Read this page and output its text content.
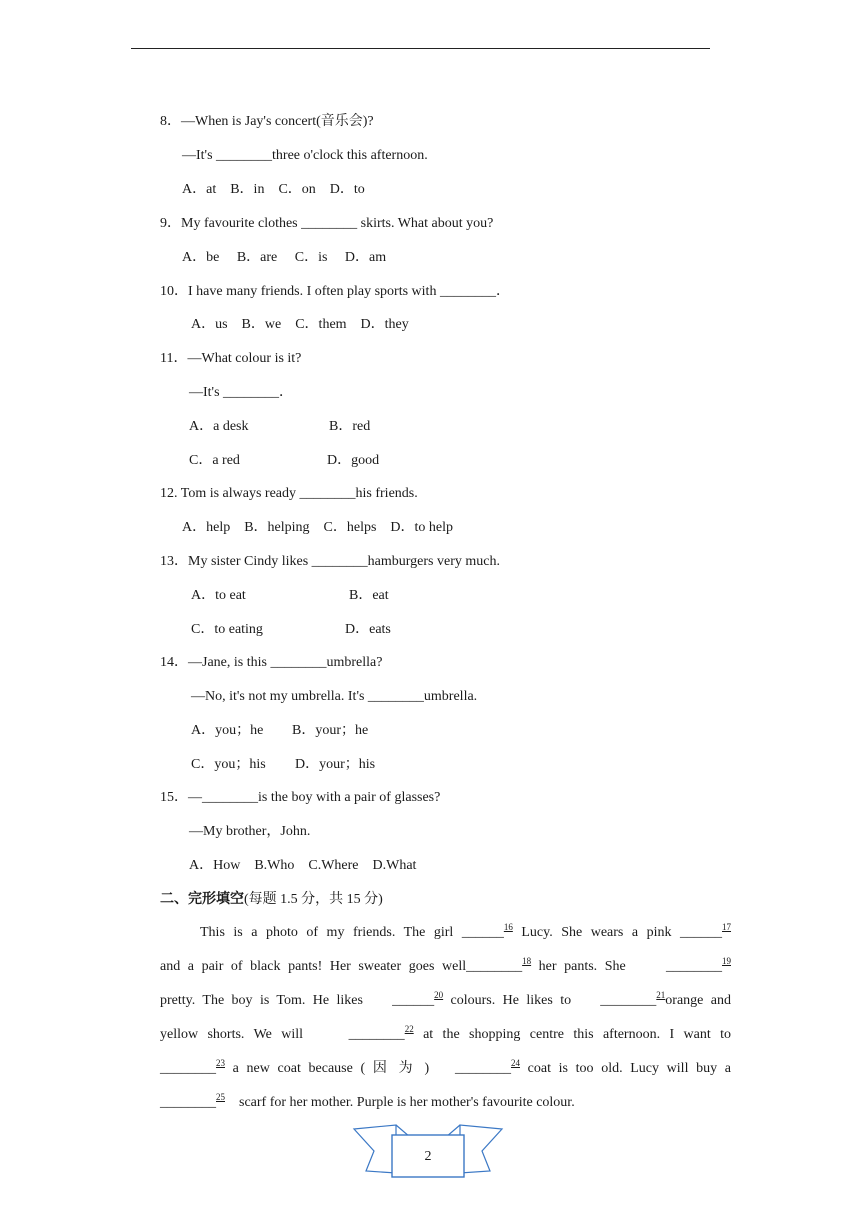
8．—When is Jay's concert(音乐会)?
—It's ________three o'clock this afternoon.
A．at　B．in　C．on　D．to
9．My favourite clothes ________ skirts. What about you?
A．be　 B．are　 C．is　 D．am
10．I have many friends. I often play sports with ________．
A．us　B．we　C．them　D．they
11．—What colour is it?
—It's ________．
A．a desk	B．red
C．a red	D．good
12. Tom is always ready ________his friends.
A．help　B．helping　C．helps　D．to help
13．My sister Cindy likes ________hamburgers very much.
A．to eat	B．eat
C．to eating	D．eats
14．—Jane, is this ________umbrella?
—No, it's not my umbrella. It's ________umbrella.
A．you；he B．your；he
C．you；his D．your；his
15．—________is the boy with a pair of glasses?
—My brother，John.
A．How　B.Who　C.Where　D.What
二、完形填空(每题 1.5 分，共 15 分)
This is a photo of my friends. The girl ______$^{16}$ Lucy. She wears a pink ______$^{17}$
and a pair of black pants! Her sweater goes well________$^{18}$ her pants. She　　________$^{19}$
pretty. The boy is Tom. He likes　 ______$^{20}$ colours. He likes to　 ________$^{21}$orange and
yellow shorts. We will　　________$^{22}$ at the shopping centre this afternoon. I want to
________$^{23}$ a new coat because ( 因 为 ) 　________$^{24}$ coat is too old. Lucy will buy a
________$^{25}$　scarf for her mother. Purple is her mother's favourite colour.
2
